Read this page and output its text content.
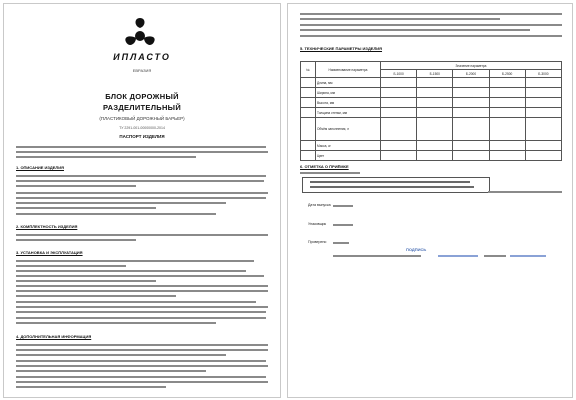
ИПЛАСТО
ЕВРАЗИЯ
БЛОК ДОРОЖНЫЙ
РАЗДЕЛИТЕЛЬНЫЙ
(ПЛАСТИКОВЫЙ ДОРОЖНЫЙ БАРЬЕР)
ТУ 2291-001-00000000-2014
ПАСПОРТ ИЗДЕЛИЯ
1. ОПИСАНИЕ ИЗДЕЛИЯ
2. КОМПЛЕКТНОСТЬ ИЗДЕЛИЯ
3. УСТАНОВКА И ЭКСПЛУАТАЦИЯ
4. ДОПОЛНИТЕЛЬНАЯ ИНФОРМАЦИЯ
5. ТЕХНИЧЕСКИЕ ПАРАМЕТРЫ ИЗДЕЛИЯ
№	Наименование параметра	Значение параметра				
		Б-1000	Б-1500	Б-2000	Б-2500	Б-3000
	Длина, мм					
	Ширина, мм					
	Высота, мм					
	Толщина стенки, мм					
	Объём заполнения, л					
	Масса, кг					
	Цвет					
6. ОТМЕТКА О ПРИЁМКЕ
Дата выпуска
Упаковщик
Проверено
ПОДПИСЬ
